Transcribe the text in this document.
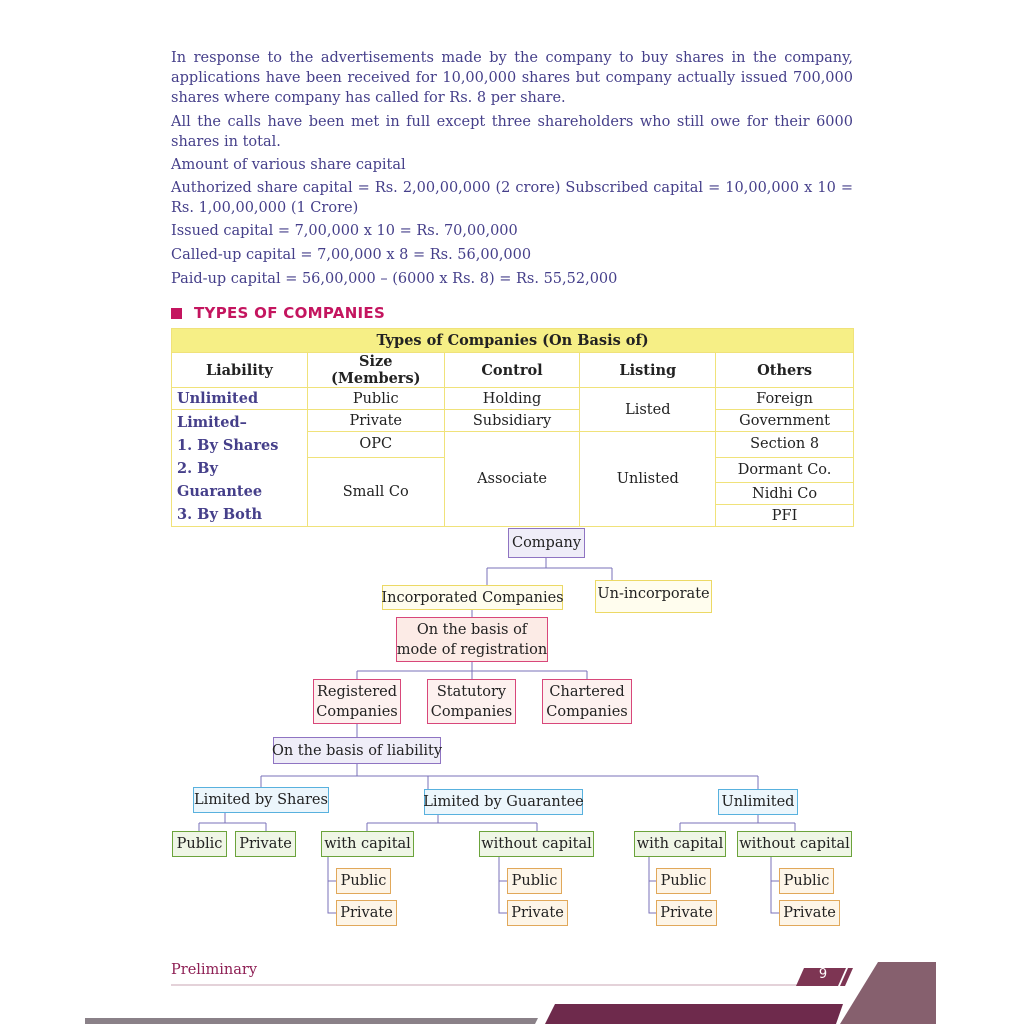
In response to the advertisements made by the company to buy shares in the company, applications have been received for 10,00,000 shares but company actually issued 700,000 shares where company has called for Rs. 8 per share.

All the calls have been met in full except three shareholders who still owe for their 6000 shares in total.

Amount of various share capital

Authorized share capital = Rs. 2,00,00,000 (2 crore) Subscribed capital = 10,00,000 x 10 = Rs. 1,00,00,000 (1 Crore)

Issued capital = 7,00,000 x 10 = Rs. 70,00,000

Called-up capital = 7,00,000 x 8 = Rs. 56,00,000

Paid-up capital = 56,00,000 – (6000 x Rs. 8) = Rs. 55,52,000

TYPES OF COMPANIES
Types of Companies (On Basis of)				
Liability	Size (Members)	Control	Listing	Others
Unlimited	Public	Holding	Listed	Foreign

Limited–
1. By Shares
2. By Guarantee
3. By Both	Private	Subsidiary		Government
	OPC	Associate	Unlisted	Section 8
	Small Co			Dormant Co.
				Nidhi Co
				PFI
Company
Incorporated Companies Un-incorporate
On the basis of
mode of registration
Registered
Companies
Statutory
Companies
Chartered
Companies
On the basis of liability
Limited by Shares	Limited by Guarantee	Unlimited
Public	Private with capital	without capital	with capital without capital
Public
Private
Public
Private
Public
Private
Public
Private
Preliminary	9
